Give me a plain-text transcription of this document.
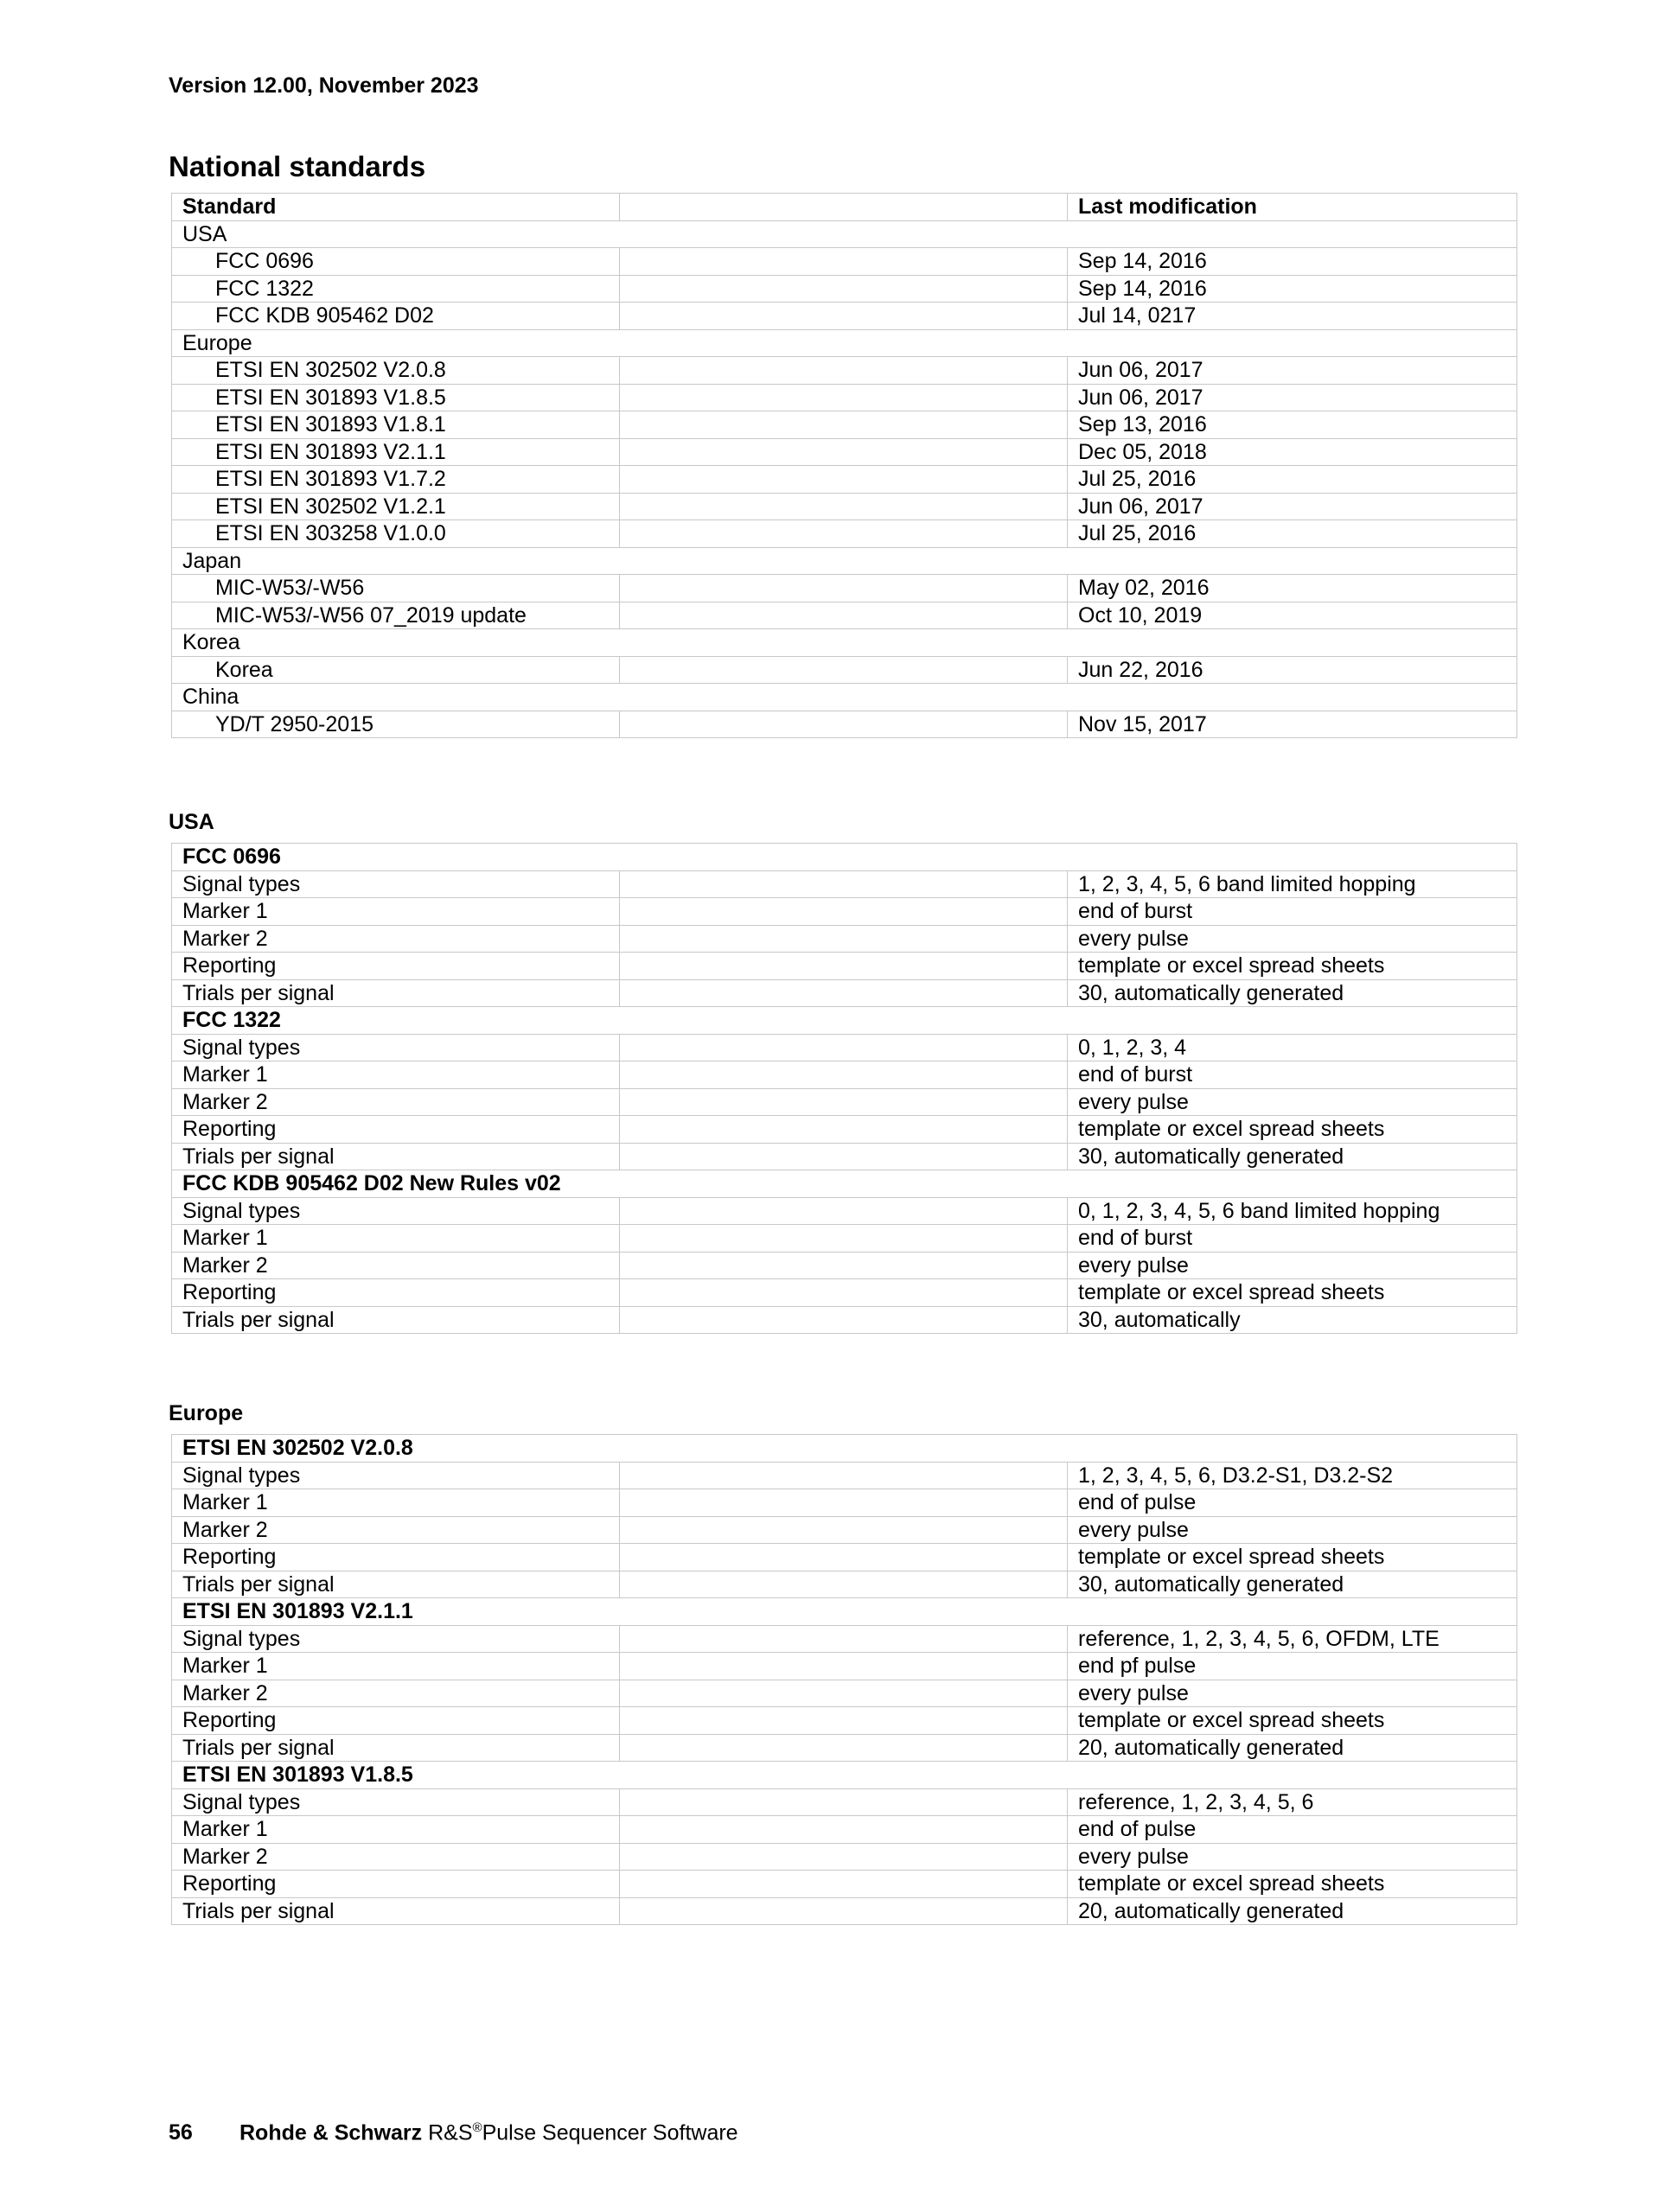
Version 12.00, November 2023

National standards
Standard		Last modification
USA		
FCC 0696		Sep 14, 2016
FCC 1322		Sep 14, 2016
FCC KDB 905462 D02		Jul 14, 0217
Europe		
ETSI EN 302502 V2.0.8		Jun 06, 2017
ETSI EN 301893 V1.8.5		Jun 06, 2017
ETSI EN 301893 V1.8.1		Sep 13, 2016
ETSI EN 301893 V2.1.1		Dec 05, 2018
ETSI EN 301893 V1.7.2		Jul 25, 2016
ETSI EN 302502 V1.2.1		Jun 06, 2017
ETSI EN 303258 V1.0.0		Jul 25, 2016
Japan		
MIC-W53/-W56		May 02, 2016
MIC-W53/-W56 07_2019 update		Oct 10, 2019
Korea		
Korea		Jun 22, 2016
China		
YD/T 2950-2015		Nov 15, 2017
USA
FCC 0696		
Signal types		1, 2, 3, 4, 5, 6 band limited hopping
Marker 1		end of burst
Marker 2		every pulse
Reporting		template or excel spread sheets
Trials per signal		30, automatically generated
FCC 1322		
Signal types		0, 1, 2, 3, 4
Marker 1		end of burst
Marker 2		every pulse
Reporting		template or excel spread sheets
Trials per signal		30, automatically generated
FCC KDB 905462 D02 New Rules v02		
Signal types		0, 1, 2, 3, 4, 5, 6 band limited hopping
Marker 1		end of burst
Marker 2		every pulse
Reporting		template or excel spread sheets
Trials per signal		30, automatically
Europe
ETSI EN 302502 V2.0.8		
Signal types		1, 2, 3, 4, 5, 6, D3.2-S1, D3.2-S2
Marker 1		end of pulse
Marker 2		every pulse
Reporting		template or excel spread sheets
Trials per signal		30, automatically generated
ETSI EN 301893 V2.1.1		
Signal types		reference, 1, 2, 3, 4, 5, 6, OFDM, LTE
Marker 1		end pf pulse
Marker 2		every pulse
Reporting		template or excel spread sheets
Trials per signal		20, automatically generated
ETSI EN 301893 V1.8.5		
Signal types		reference, 1, 2, 3, 4, 5, 6
Marker 1		end of pulse
Marker 2		every pulse
Reporting		template or excel spread sheets
Trials per signal		20, automatically generated

56 Rohde & Schwarz R&S®Pulse Sequencer Software
